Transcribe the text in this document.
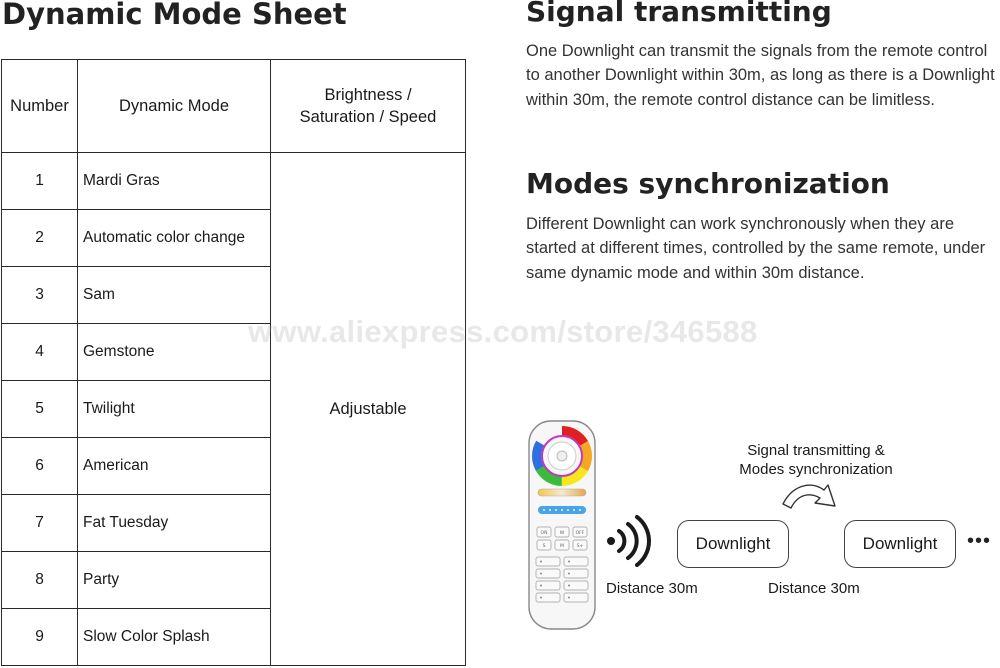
Dynamic Mode Sheet
Number	Dynamic Mode	Brightness /
Saturation / Speed
1	Mardi Gras	Adjustable
2	Automatic color change	
3	Sam	
4	Gemstone	
5	Twilight	
6	American	
7	Fat Tuesday	
8	Party	
9	Slow Color Splash	
Signal transmitting

One Downlight can transmit the signals from the remote control to another Downlight within 30m, as long as there is a Downlight within 30m, the remote control distance can be limitless.

Modes synchronization

Different Downlight can work synchronously when they are started at different times, controlled by the same remote, under same dynamic mode and within 30m distance.

www.aliexpress.com/store/346588

ON	W	OFF
S	M	S+

Signal transmitting &
Modes synchronization

Downlight	Downlight •••

Distance 30m	Distance 30m
